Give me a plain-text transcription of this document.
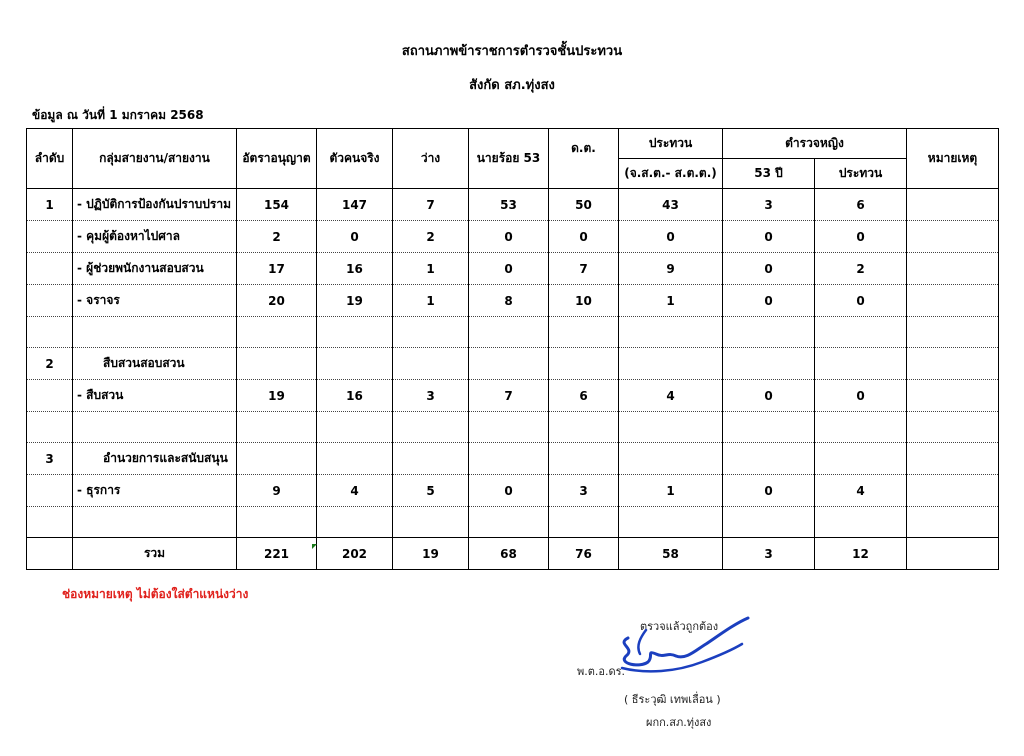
สถานภาพข้าราชการตำรวจชั้นประทวน
สังกัด สภ.ทุ่งสง
ข้อมูล ณ วันที่ 1 มกราคม 2568
ลำดับ	กลุ่มสายงาน/สายงาน	อัตราอนุญาต	ตัวคนจริง	ว่าง	นายร้อย 53	ด.ต.	ประทวน	ตำรวจหญิง		หมายเหตุ
							(จ.ส.ต.- ส.ต.ต.)	53 ปี	ประทวน	
1	- ปฏิบัติการป้องกันปราบปราม	154	147	7	53	50	43	3	6	
	- คุมผู้ต้องหาไปศาล	2	0	2	0	0	0	0	0	
	- ผู้ช่วยพนักงานสอบสวน	17	16	1	0	7	9	0	2	
	- จราจร	20	19	1	8	10	1	0	0	

2	สืบสวนสอบสวน									
	- สืบสวน	19	16	3	7	6	4	0	0	

3	อำนวยการและสนับสนุน									
	- ธุรการ	9	4	5	0	3	1	0	4	

	รวม	221	202	19	68	76	58	3	12	
ช่องหมายเหตุ ไม่ต้องใส่ตำแหน่งว่าง
ตรวจแล้วถูกต้อง
พ.ต.อ.ดร.
( ธีระวุฒิ เทพเลื่อน )
ผกก.สภ.ทุ่งสง
